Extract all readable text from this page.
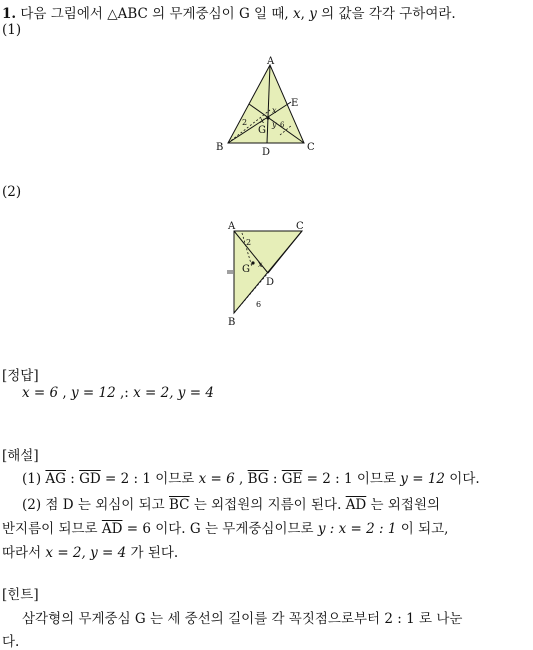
1. 다음 그림에서 △ABC 의 무게중심이 G 일 때, x, y 의 값을 각각 구하여라.
(1)
A
B	C
D
E
G
2
x
y 6
x
(2)
A	C
B
D
G
2
x
6
[정답]
x = 6 , y = 12 ,: x = 2, y = 4
[해설]
(1) $\overline{AG}$ : $\overline{GD} = 2$ : 1 이므로 x = 6 , $\overline{BG}$ : $\overline{GE} = 2$ : 1 이므로 y = 12 이다.
(2) 점 D 는 외심이 되고 $\overline{BC}$ 는 외접원의 지름이 된다. $\overline{AD}$ 는 외접원의
반지름이 되므로 $\overline{AD} = 6$ 이다. G 는 무게중심이므로 y : x = 2 : 1 이 되고,
따라서 x = 2, y = 4 가 된다.
[힌트]
삼각형의 무게중심 G 는 세 중선의 길이를 각 꼭짓점으로부터 2 : 1 로 나눈
다.
